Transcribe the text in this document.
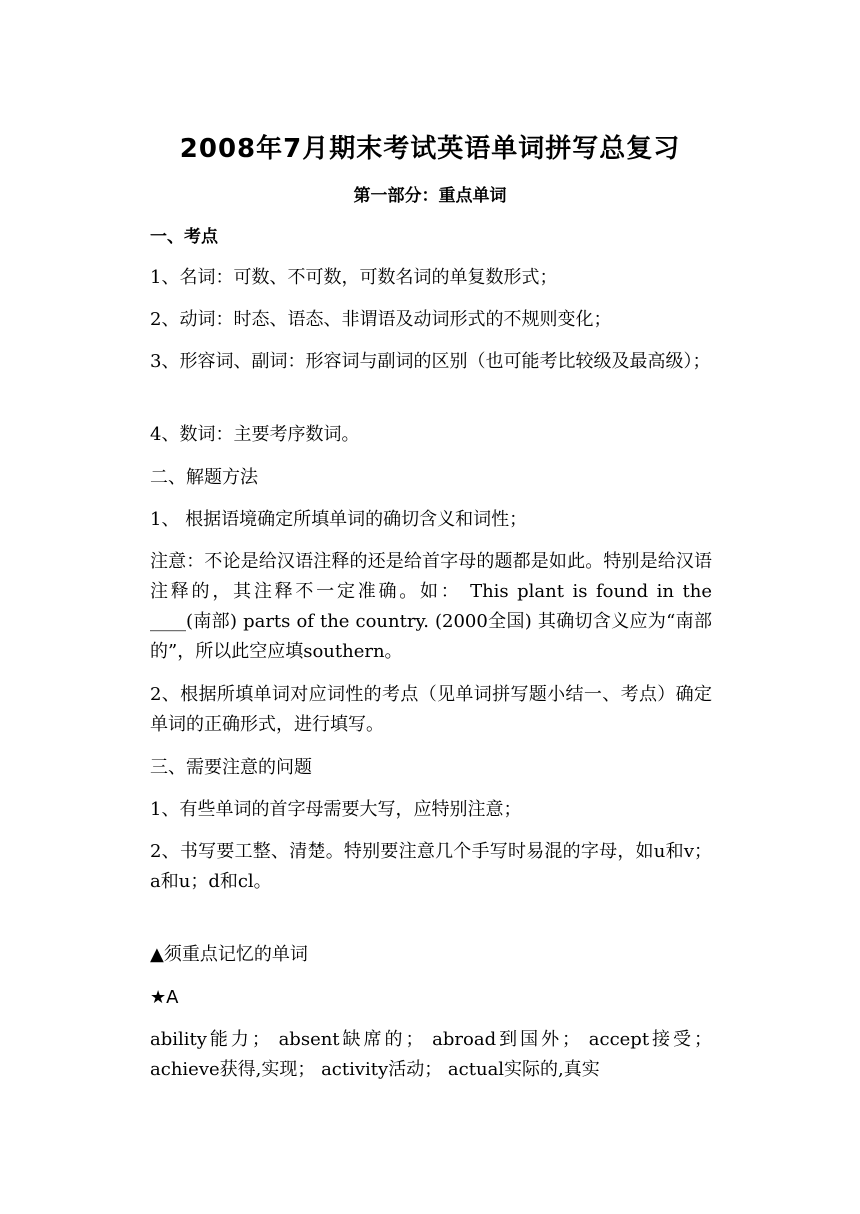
2008年7月期末考试英语单词拼写总复习
第一部分：重点单词
一、考点
1、名词：可数、不可数，可数名词的单复数形式；
2、动词：时态、语态、非谓语及动词形式的不规则变化；
3、形容词、副词：形容词与副词的区别（也可能考比较级及最高级）；
4、数词：主要考序数词。
二、解题方法
1、 根据语境确定所填单词的确切含义和词性；
注意：不论是给汉语注释的还是给首字母的题都是如此。特别是给汉语注释的，其注释不一定准确。如： This plant is found in the ____(南部) parts of the country. (2000全国) 其确切含义应为“南部的”，所以此空应填southern。
2、根据所填单词对应词性的考点（见单词拼写题小结一、考点）确定单词的正确形式，进行填写。
三、需要注意的问题
1、有些单词的首字母需要大写，应特别注意；
2、书写要工整、清楚。特别要注意几个手写时易混的字母，如u和v；a和u；d和cl。
▲须重点记忆的单词
★A
ability能力； absent缺席的； abroad到国外； accept接受； achieve获得,实现； activity活动； actual实际的,真实
